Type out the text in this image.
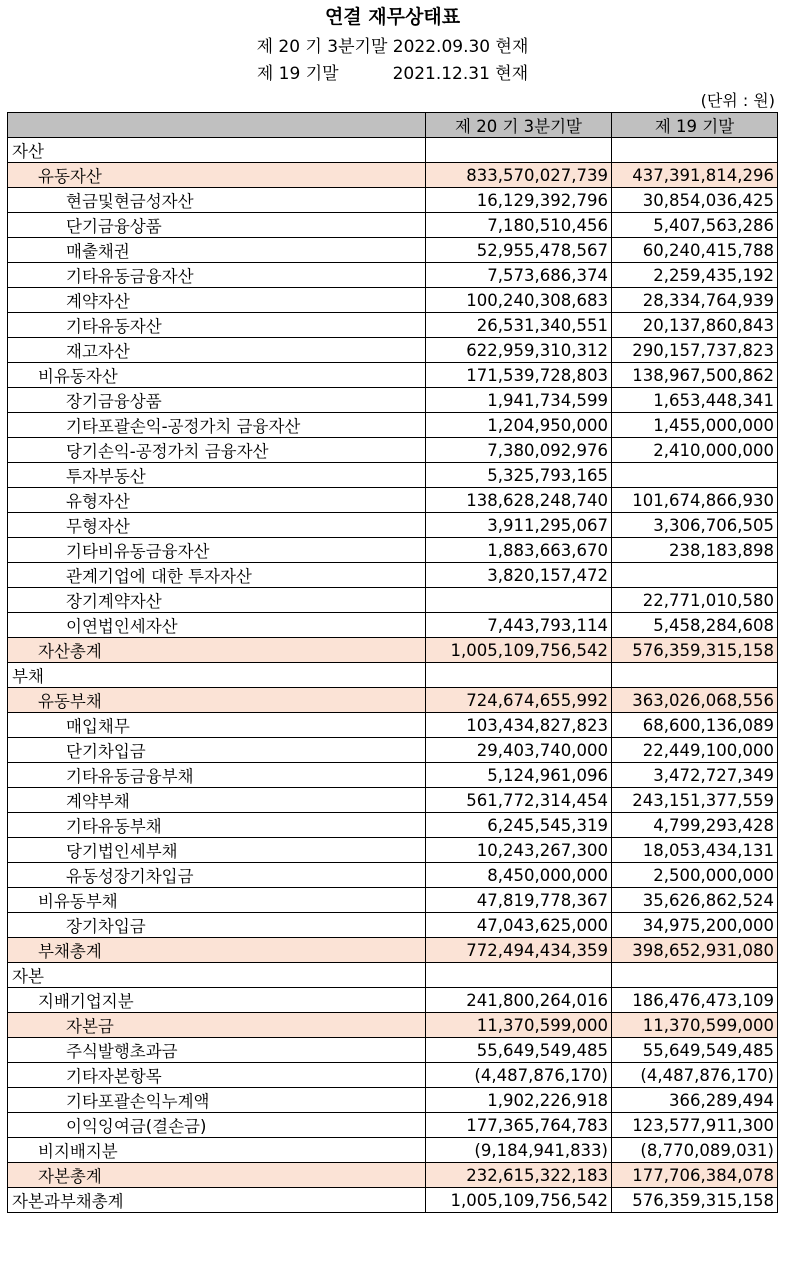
연결 재무상태표
제 20 기 3분기말 2022.09.30 현재
제 19 기말          2021.12.31 현재
(단위 : 원)
	제 20 기 3분기말	제 19 기말
자산		
유동자산	833,570,027,739	437,391,814,296
현금및현금성자산	16,129,392,796	30,854,036,425
단기금융상품	7,180,510,456	5,407,563,286
매출채권	52,955,478,567	60,240,415,788
기타유동금융자산	7,573,686,374	2,259,435,192
계약자산	100,240,308,683	28,334,764,939
기타유동자산	26,531,340,551	20,137,860,843
재고자산	622,959,310,312	290,157,737,823
비유동자산	171,539,728,803	138,967,500,862
장기금융상품	1,941,734,599	1,653,448,341
기타포괄손익-공정가치 금융자산	1,204,950,000	1,455,000,000
당기손익-공정가치 금융자산	7,380,092,976	2,410,000,000
투자부동산	5,325,793,165	
유형자산	138,628,248,740	101,674,866,930
무형자산	3,911,295,067	3,306,706,505
기타비유동금융자산	1,883,663,670	238,183,898
관계기업에 대한 투자자산	3,820,157,472	
장기계약자산		22,771,010,580
이연법인세자산	7,443,793,114	5,458,284,608
자산총계	1,005,109,756,542	576,359,315,158
부채		
유동부채	724,674,655,992	363,026,068,556
매입채무	103,434,827,823	68,600,136,089
단기차입금	29,403,740,000	22,449,100,000
기타유동금융부채	5,124,961,096	3,472,727,349
계약부채	561,772,314,454	243,151,377,559
기타유동부채	6,245,545,319	4,799,293,428
당기법인세부채	10,243,267,300	18,053,434,131
유동성장기차입금	8,450,000,000	2,500,000,000
비유동부채	47,819,778,367	35,626,862,524
장기차입금	47,043,625,000	34,975,200,000
부채총계	772,494,434,359	398,652,931,080
자본		
지배기업지분	241,800,264,016	186,476,473,109
자본금	11,370,599,000	11,370,599,000
주식발행초과금	55,649,549,485	55,649,549,485
기타자본항목	(4,487,876,170)	(4,487,876,170)
기타포괄손익누계액	1,902,226,918	366,289,494
이익잉여금(결손금)	177,365,764,783	123,577,911,300
비지배지분	(9,184,941,833)	(8,770,089,031)
자본총계	232,615,322,183	177,706,384,078
자본과부채총계	1,005,109,756,542	576,359,315,158
